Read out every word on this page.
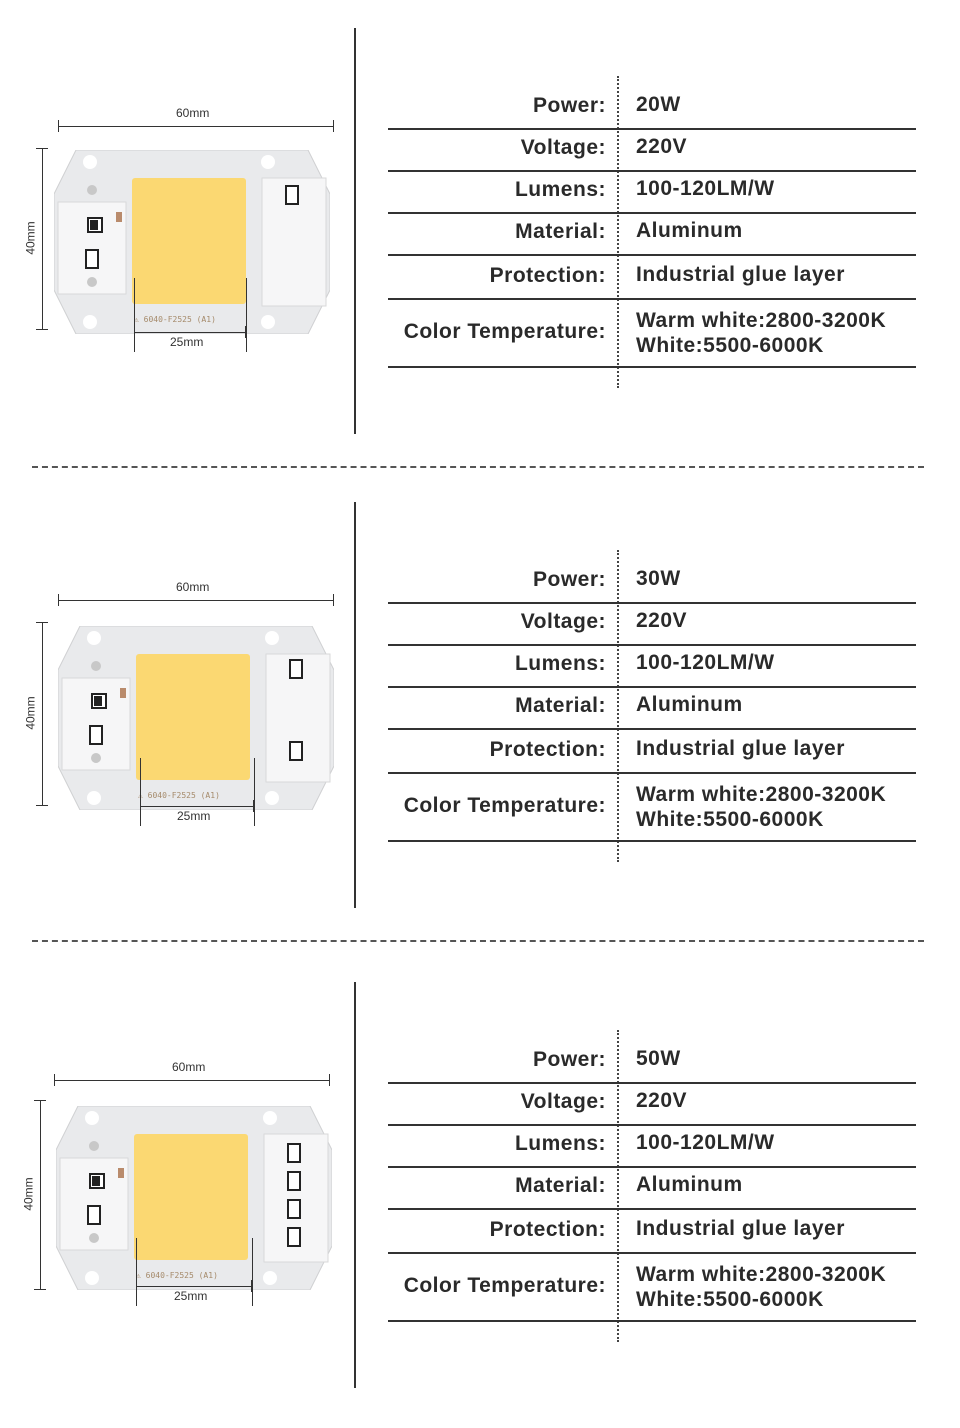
⚠ 6040-F2525 (A1)
60mm
40mm
25mm
Power: 20W
Voltage: 220V
Lumens: 100-120LM/W
Material: Aluminum
Protection: Industrial glue layer
Color Temperature: Warm white:2800-3200K
White:5500-6000K
⚠ 6040-F2525 (A1)
60mm
40mm
25mm
Power: 30W
Voltage: 220V
Lumens: 100-120LM/W
Material: Aluminum
Protection: Industrial glue layer
Color Temperature: Warm white:2800-3200K
White:5500-6000K
⚠ 6040-F2525 (A1)
60mm
40mm
25mm
Power: 50W
Voltage: 220V
Lumens: 100-120LM/W
Material: Aluminum
Protection: Industrial glue layer
Color Temperature: Warm white:2800-3200K
White:5500-6000K
